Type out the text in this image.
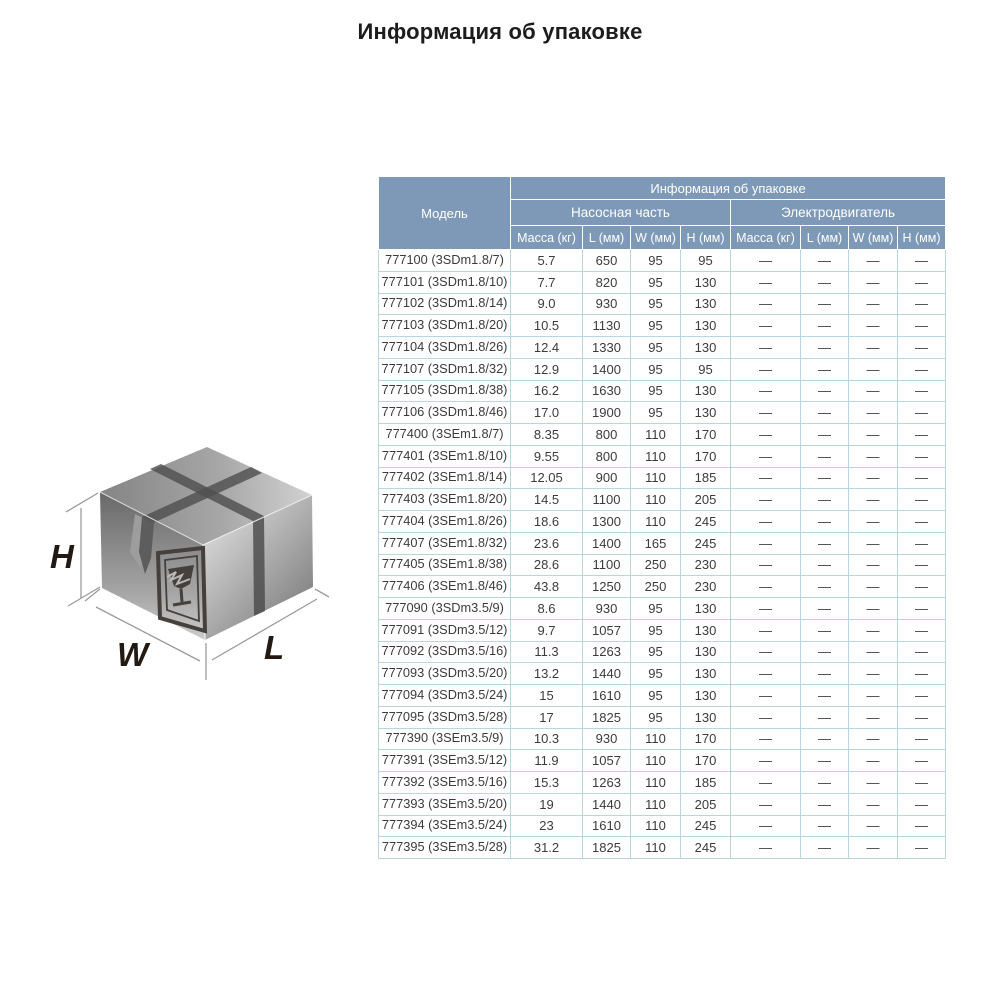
Информация об упаковке
H
W	L
Модель	Информация об упаковке							
	Насосная часть				Электродвигатель			
	Масса (кг)	L (мм)	W (мм)	Н (мм)	Масса (кг)	L (мм)	W (мм)	Н (мм)
777100 (3SDm1.8/7)	5.7	650	95	95	—	—	—	—
777101 (3SDm1.8/10)	7.7	820	95	130	—	—	—	—
777102 (3SDm1.8/14)	9.0	930	95	130	—	—	—	—
777103 (3SDm1.8/20)	10.5	1130	95	130	—	—	—	—
777104 (3SDm1.8/26)	12.4	1330	95	130	—	—	—	—
777107 (3SDm1.8/32)	12.9	1400	95	95	—	—	—	—
777105 (3SDm1.8/38)	16.2	1630	95	130	—	—	—	—
777106 (3SDm1.8/46)	17.0	1900	95	130	—	—	—	—
777400 (3SEm1.8/7)	8.35	800	110	170	—	—	—	—
777401 (3SEm1.8/10)	9.55	800	110	170	—	—	—	—
777402 (3SEm1.8/14)	12.05	900	110	185	—	—	—	—
777403 (3SEm1.8/20)	14.5	1100	110	205	—	—	—	—
777404 (3SEm1.8/26)	18.6	1300	110	245	—	—	—	—
777407 (3SEm1.8/32)	23.6	1400	165	245	—	—	—	—
777405 (3SEm1.8/38)	28.6	1100	250	230	—	—	—	—
777406 (3SEm1.8/46)	43.8	1250	250	230	—	—	—	—
777090 (3SDm3.5/9)	8.6	930	95	130	—	—	—	—
777091 (3SDm3.5/12)	9.7	1057	95	130	—	—	—	—
777092 (3SDm3.5/16)	11.3	1263	95	130	—	—	—	—
777093 (3SDm3.5/20)	13.2	1440	95	130	—	—	—	—
777094 (3SDm3.5/24)	15	1610	95	130	—	—	—	—
777095 (3SDm3.5/28)	17	1825	95	130	—	—	—	—
777390 (3SEm3.5/9)	10.3	930	110	170	—	—	—	—
777391 (3SEm3.5/12)	11.9	1057	110	170	—	—	—	—
777392 (3SEm3.5/16)	15.3	1263	110	185	—	—	—	—
777393 (3SEm3.5/20)	19	1440	110	205	—	—	—	—
777394 (3SEm3.5/24)	23	1610	110	245	—	—	—	—
777395 (3SEm3.5/28)	31.2	1825	110	245	—	—	—	—
